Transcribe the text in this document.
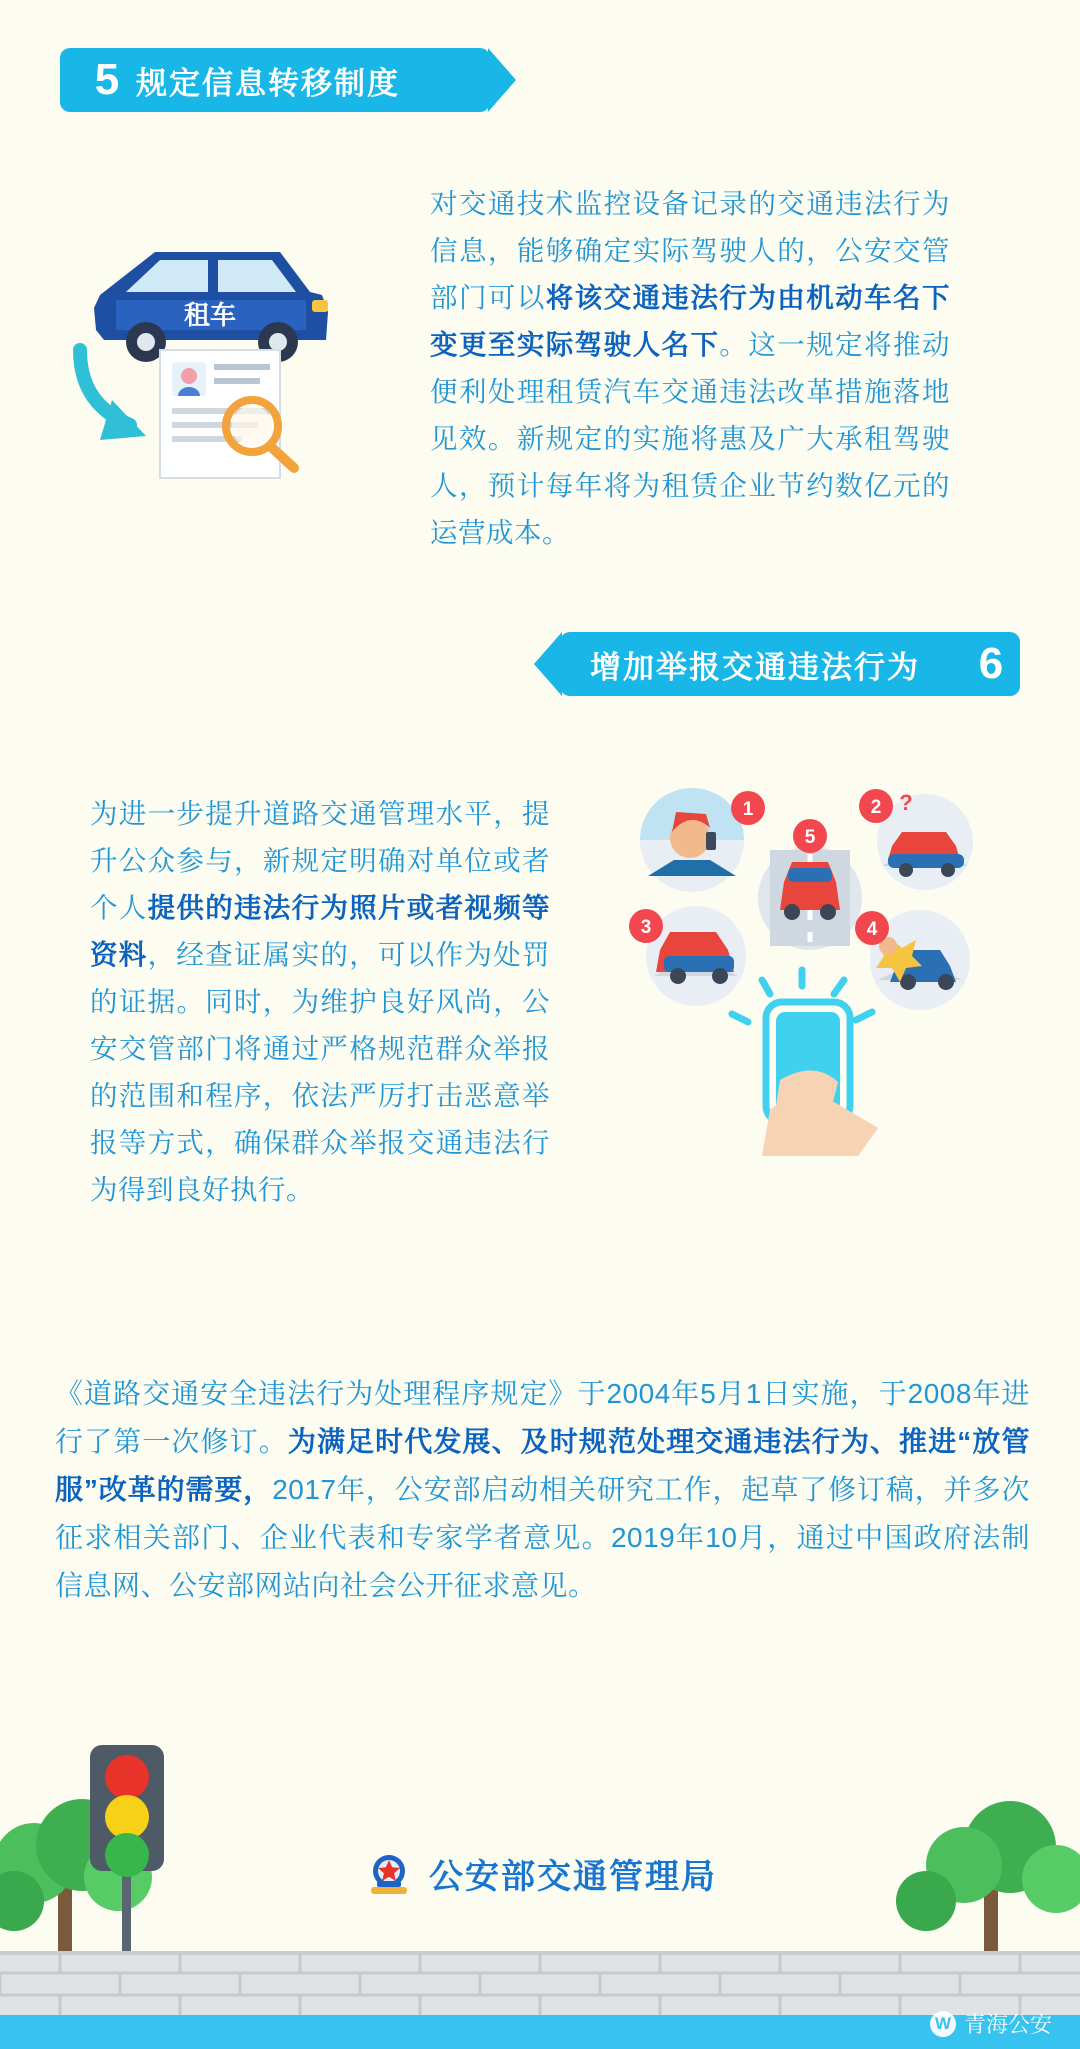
5 规定信息转移制度
租车
对交通技术监控设备记录的交通违法行为信息，能够确定实际驾驶人的，公安交管部门可以将该交通违法行为由机动车名下变更至实际驾驶人名下。这一规定将推动便利处理租赁汽车交通违法改革措施落地见效。新规定的实施将惠及广大承租驾驶人，预计每年将为租赁企业节约数亿元的运营成本。
增加举报交通违法行为	6
为进一步提升道路交通管理水平，提升公众参与，新规定明确对单位或者个人提供的违法行为照片或者视频等资料，经查证属实的，可以作为处罚的证据。同时，为维护良好风尚，公安交管部门将通过严格规范群众举报的范围和程序，依法严厉打击恶意举报等方式，确保群众举报交通违法行为得到良好执行。
1	2 ?
5
3	4
《道路交通安全违法行为处理程序规定》于2004年5月1日实施，于2008年进行了第一次修订。为满足时代发展、及时规范处理交通违法行为、推进“放管服”改革的需要，2017年，公安部启动相关研究工作，起草了修订稿，并多次征求相关部门、企业代表和专家学者意见。2019年10月，通过中国政府法制信息网、公安部网站向社会公开征求意见。
公安部交通管理局
W 青海公安
